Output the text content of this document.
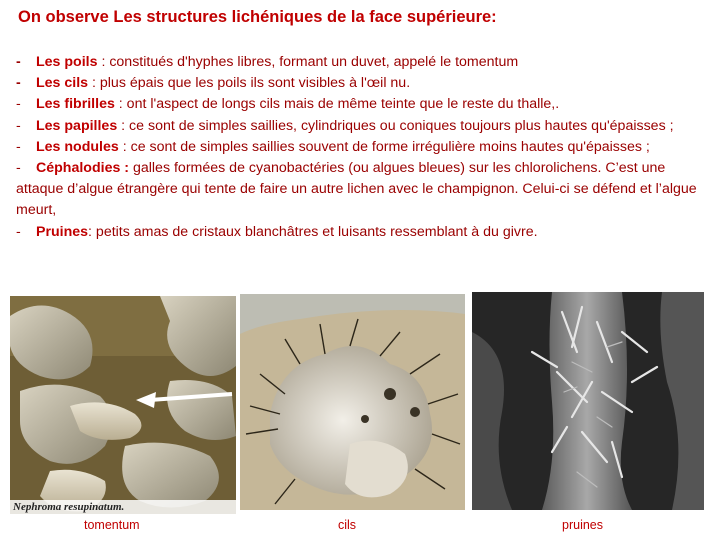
On observe Les structures lichéniques de la face supérieure:
- Les poils : constitués d'hyphes libres, formant un duvet, appelé le tomentum
- Les cils : plus épais que les poils ils sont visibles à l'œil nu.
- Les fibrilles : ont l'aspect de longs cils mais de même teinte que le reste du thalle,.
- Les papilles : ce sont de simples saillies, cylindriques ou coniques toujours plus hautes qu'épaisses ;
- Les nodules : ce sont de simples saillies souvent de forme irrégulière moins hautes qu'épaisses ;
- Céphalodies : galles formées de cyanobactéries (ou algues bleues) sur les chlorolichens. C’est une attaque d’algue étrangère qui tente de faire un autre lichen avec le champignon. Celui-ci se défend et l’algue meurt,
- Pruines: petits amas de cristaux blanchâtres et luisants ressemblant à du givre.
Nephroma resupinatum.
tomentum	cils	pruines
